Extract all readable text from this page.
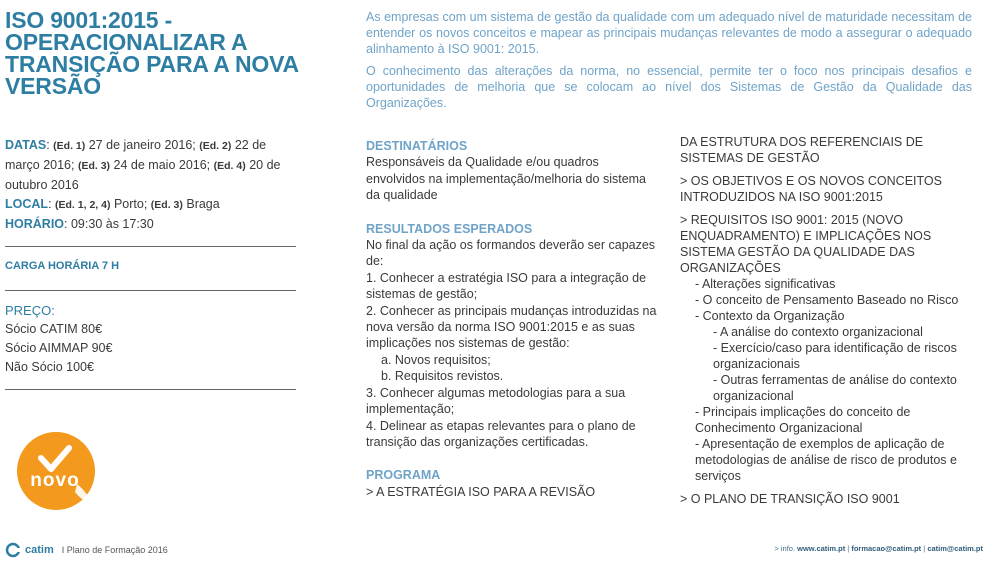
ISO 9001:2015 -
OPERACIONALIZAR A
TRANSIÇÃO PARA A NOVA
VERSÃO
DATAS: (Ed. 1) 27 de janeiro 2016; (Ed. 2) 22 de março 2016; (Ed. 3) 24 de maio 2016; (Ed. 4) 20 de outubro 2016
LOCAL: (Ed. 1, 2, 4) Porto; (Ed. 3) Braga
HORÁRIO: 09:30 às 17:30
CARGA HORÁRIA 7 H
PREÇO:
Sócio CATIM 80€
Sócio AIMMAP 90€
Não Sócio 100€
novo
catim I Plano de Formação 2016

As empresas com um sistema de gestão da qualidade com um adequado nível de maturidade necessitam de entender os novos conceitos e mapear as principais mudanças relevantes de modo a assegurar o adequado alinhamento à ISO 9001: 2015.

O conhecimento das alterações da norma, no essencial, permite ter o foco nos principais desafios e oportunidades de melhoria que se colocam ao nível dos Sistemas de Gestão da Qualidade das Organizações.

DESTINATÁRIOS
Responsáveis da Qualidade e/ou quadros envolvidos na implementação/melhoria do sistema da qualidade
RESULTADOS ESPERADOS
No final da ação os formandos deverão ser capazes de:
1. Conhecer a estratégia ISO para a integração de sistemas de gestão;
2. Conhecer as principais mudanças introduzidas na nova versão da norma ISO 9001:2015 e as suas implicações nos sistemas de gestão:
a. Novos requisitos;
b. Requisitos revistos.
3. Conhecer algumas metodologias para a sua implementação;
4. Delinear as etapas relevantes para o plano de transição das organizações certificadas.
PROGRAMA
> A ESTRATÉGIA ISO PARA A REVISÃO
DA ESTRUTURA DOS REFERENCIAIS DE SISTEMAS DE GESTÃO
> OS OBJETIVOS E OS NOVOS CONCEITOS INTRODUZIDOS NA ISO 9001:2015
> REQUISITOS ISO 9001: 2015 (NOVO ENQUADRAMENTO) E IMPLICAÇÕES NOS SISTEMA GESTÃO DA QUALIDADE DAS ORGANIZAÇÕES
- Alterações significativas
- O conceito de Pensamento Baseado no Risco
- Contexto da Organização
- A análise do contexto organizacional
- Exercício/caso para identificação de riscos organizacionais
- Outras ferramentas de análise do contexto organizacional
- Principais implicações do conceito de Conhecimento Organizacional
- Apresentação de exemplos de aplicação de metodologias de análise de risco de produtos e serviços
> O PLANO DE TRANSIÇÃO ISO 9001
> info. www.catim.pt | formacao@catim.pt | catim@catim.pt
